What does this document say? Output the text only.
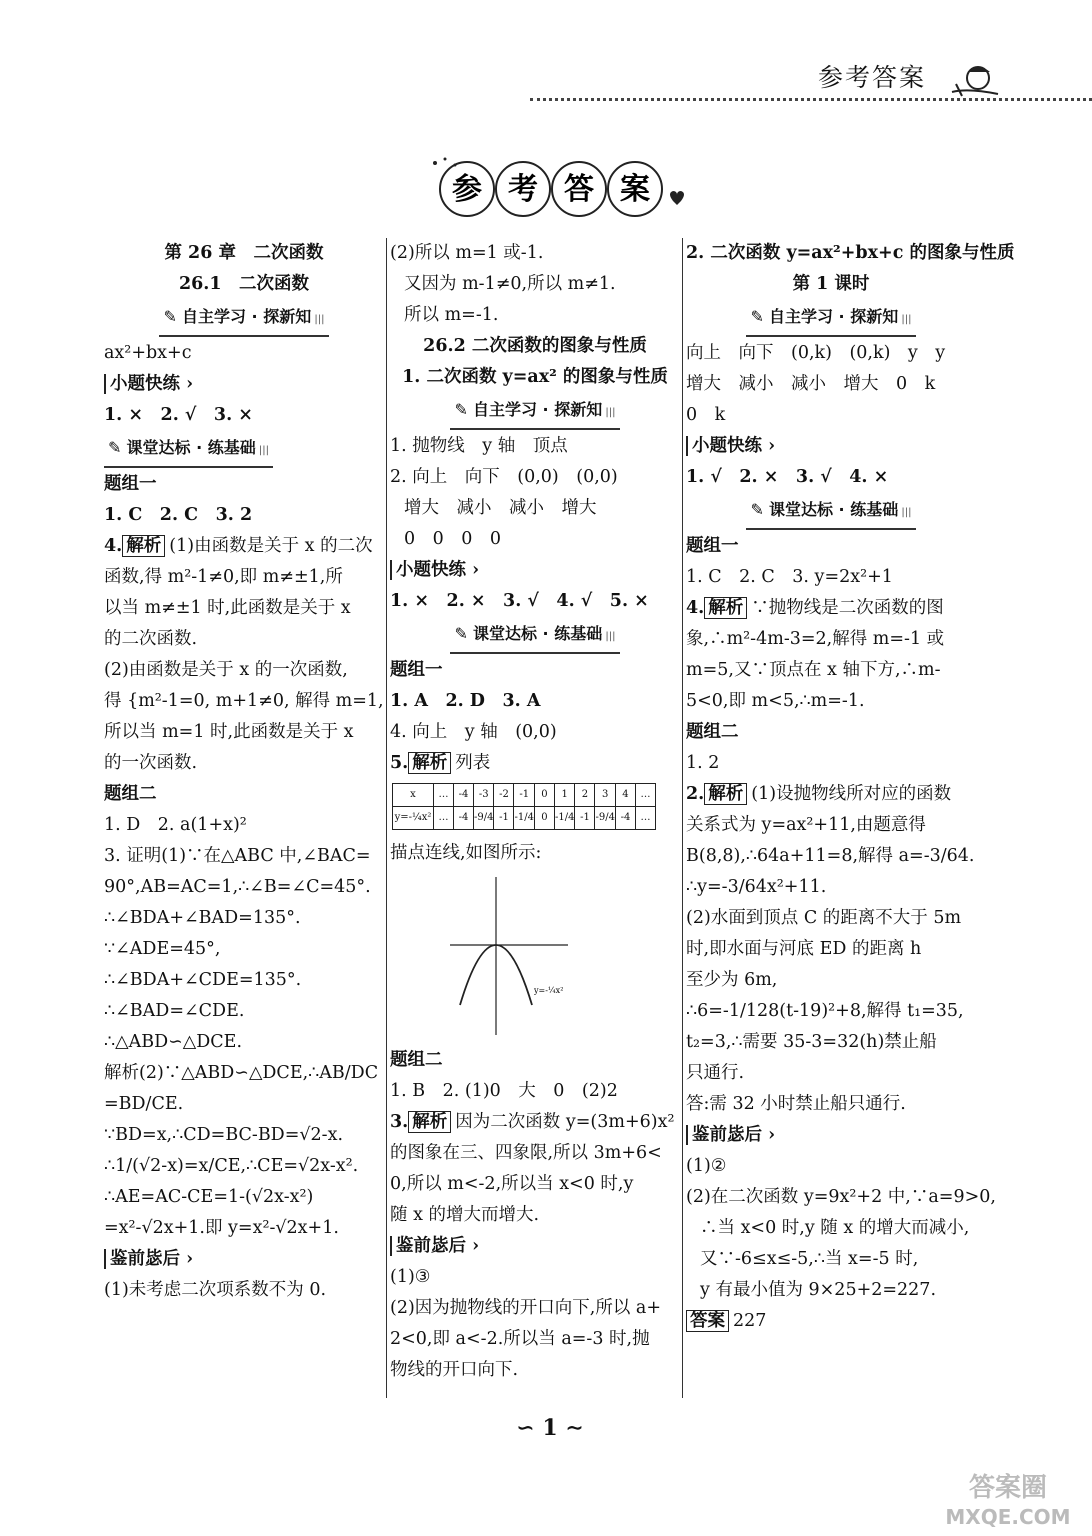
参考答案
参 考 答 案
第 26 章　二次函数
26.1　二次函数
✎ 自主学习 · 探新知 |||
ax²+bx+c
小题快练 ›
1. ×　2. √　3. ×
✎ 课堂达标 · 练基础 |||
题组一
1. C　2. C　3. 2
4. 解析 (1)由函数是关于 x 的二次
函数,得 m²-1≠0,即 m≠±1,所
以当 m≠±1 时,此函数是关于 x
的二次函数.
(2)由函数是关于 x 的一次函数,
得 {m²-1=0, m+1≠0, 解得 m=1,
所以当 m=1 时,此函数是关于 x
的一次函数.
题组二
1. D　2. a(1+x)²
3. 证明(1)∵在△ABC 中,∠BAC=
90°,AB=AC=1,∴∠B=∠C=45°.
∴∠BDA+∠BAD=135°.
∵∠ADE=45°,
∴∠BDA+∠CDE=135°.
∴∠BAD=∠CDE.
∴△ABD∽△DCE.
解析(2)∵△ABD∽△DCE,∴AB/DC
=BD/CE.
∵BD=x,∴CD=BC-BD=√2-x.
∴1/(√2-x)=x/CE,∴CE=√2x-x².
∴AE=AC-CE=1-(√2x-x²)
=x²-√2x+1.即 y=x²-√2x+1.
鉴前毖后 ›
(1)未考虑二次项系数不为 0.
(2)所以 m=1 或-1.
又因为 m-1≠0,所以 m≠1.
所以 m=-1.
26.2 二次函数的图象与性质
1. 二次函数 y=ax² 的图象与性质
✎ 自主学习 · 探新知 |||
1. 抛物线　y 轴　顶点
2. 向上　向下　(0,0)　(0,0)
增大　减小　减小　增大
0　0　0　0
小题快练 ›
1. ×　2. ×　3. √　4. √　5. ×
✎ 课堂达标 · 练基础 |||
题组一
1. A　2. D　3. A
4. 向上　y 轴　(0,0)
5. 解析 列表
x	…	-4	-3	-2	-1	0	1	2	3	4	…
y=-¼x²	…	-4	-9/4	-1	-1/4	0	-1/4	-1	-9/4	-4	…
描点连线,如图所示:
y=-¼x²
题组二
1. B　2. (1)0　大　0　(2)2
3. 解析 因为二次函数 y=(3m+6)x²
的图象在三、四象限,所以 3m+6<
0,所以 m<-2,所以当 x<0 时,y
随 x 的增大而增大.
鉴前毖后 ›
(1)③
(2)因为抛物线的开口向下,所以 a+
2<0,即 a<-2.所以当 a=-3 时,抛
物线的开口向下.
2. 二次函数 y=ax²+bx+c 的图象与性质
第 1 课时
✎ 自主学习 · 探新知 |||
向上　向下　(0,k)　(0,k)　y　y
增大　减小　减小　增大　0　k
0　k
小题快练 ›
1. √　2. ×　3. √　4. ×
✎ 课堂达标 · 练基础 |||
题组一
1. C　2. C　3. y=2x²+1
4. 解析 ∵抛物线是二次函数的图
象,∴m²-4m-3=2,解得 m=-1 或
m=5,又∵顶点在 x 轴下方,∴m-
5<0,即 m<5,∴m=-1.
题组二
1. 2
2. 解析 (1)设抛物线所对应的函数
关系式为 y=ax²+11,由题意得
B(8,8),∴64a+11=8,解得 a=-3/64.
∴y=-3/64x²+11.
(2)水面到顶点 C 的距离不大于 5m
时,即水面与河底 ED 的距离 h
至少为 6m,
∴6=-1/128(t-19)²+8,解得 t₁=35,
t₂=3,∴需要 35-3=32(h)禁止船
只通行.
答:需 32 小时禁止船只通行.
鉴前毖后 ›
(1)②
(2)在二次函数 y=9x²+2 中,∵a=9>0,
∴当 x<0 时,y 随 x 的增大而减小,
又∵-6≤x≤-5,∴当 x=-5 时,
y 有最小值为 9×25+2=227.
答案 227
∽ 1 ∼
答案圈
MXQE.COM
